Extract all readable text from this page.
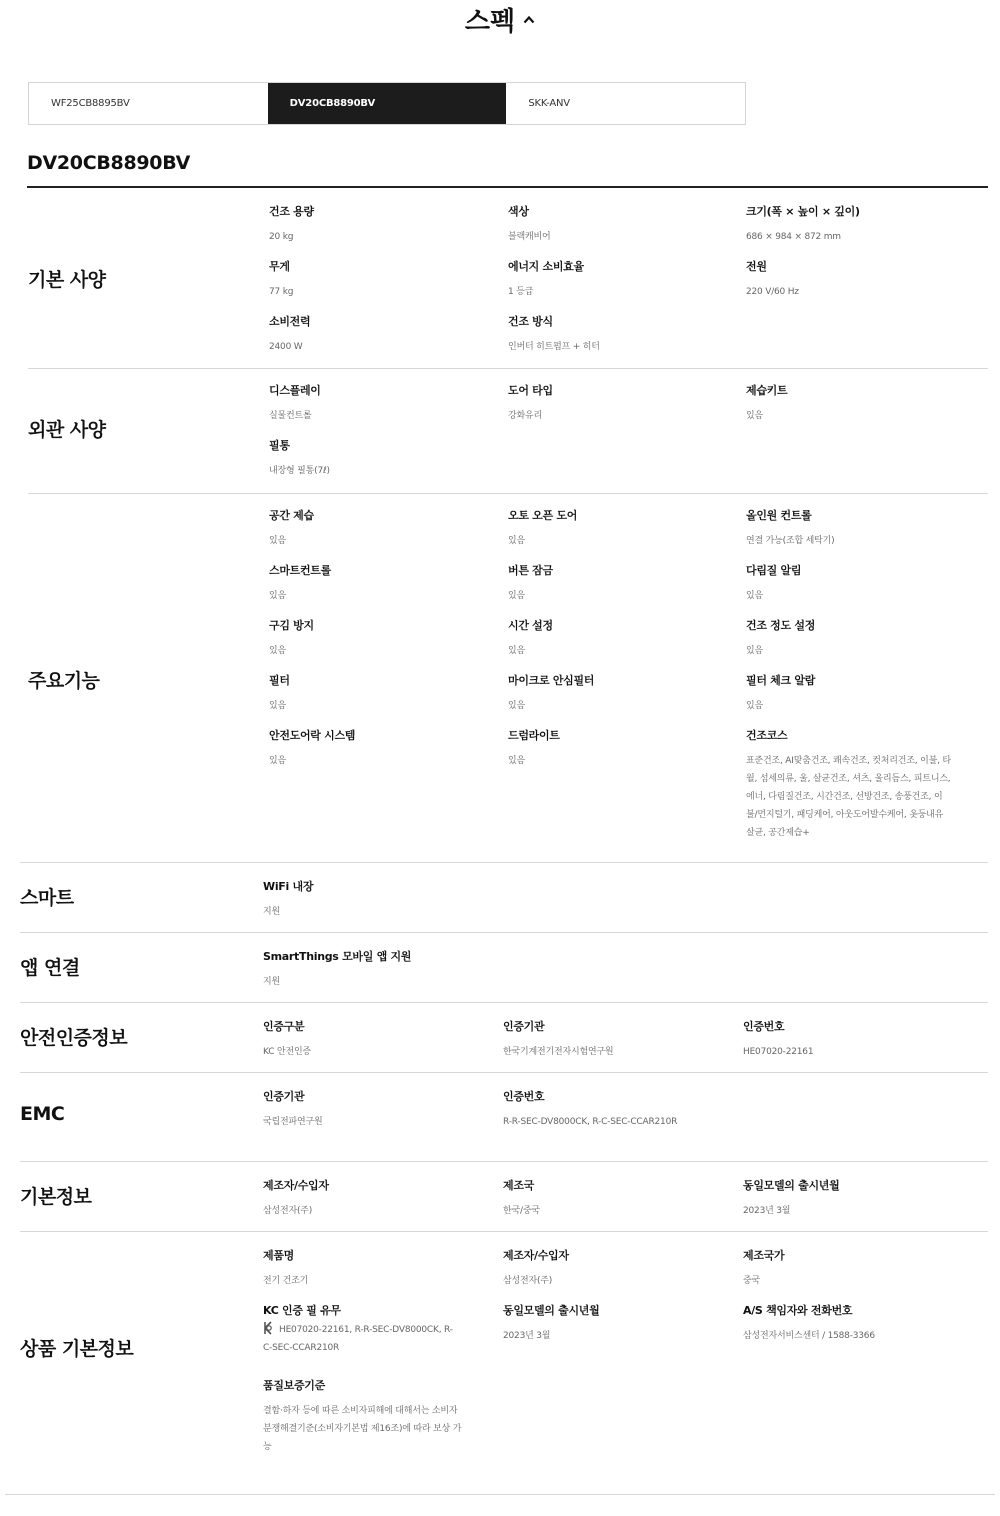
스펙
WF25CB8895BV	DV20CB8890BV	SKK-ANV
DV20CB8890BV
기본 사양
건조 용량
20 kg
색상
블랙캐비어
크기(폭 × 높이 × 깊이)
686 × 984 × 872 mm
무게
77 kg
에너지 소비효율
1 등급
전원
220 V/60 Hz
소비전력
2400 W
건조 방식
인버터 히트펌프 + 히터
외관 사양
디스플레이
실물컨트롤
도어 타입
강화유리
제습키트
있음
필통
내장형 필통(7ℓ)
주요기능
공간 제습
있음
오토 오픈 도어
있음
올인원 컨트롤
연결 가능(조합 세탁기)
스마트컨트롤
있음
버튼 잠금
있음
다림질 알림
있음
구김 방지
있음
시간 설정
있음
건조 정도 설정
있음
필터
있음
마이크로 안심필터
있음
필터 체크 알람
있음
안전도어락 시스템
있음
드럼라이트
있음
건조코스
표준건조, AI맞춤건조, 쾌속건조, 컷처리건조, 이불, 타월, 섬세의류, 울, 살균건조, 셔츠, 울리듬스, 피트니스, 에너, 다림질건조, 시간건조, 선방건조, 송풍건조, 이불/먼지털기, 패딩케어, 아웃도어발수케어, 옷둥내유살균, 공간제습+
스마트
WiFi 내장
지원
앱 연결
SmartThings 모바일 앱 지원
지원
안전인증정보
인증구분
KC 안전인증
인증기관
한국기계전기전자시험연구원
인증번호
HE07020-22161
EMC
인증기관
국립전파연구원
인증번호
R-R-SEC-DV8000CK, R-C-SEC-CCAR210R
기본정보
제조자/수입자
삼성전자(주)
제조국
한국/중국
동일모델의 출시년월
2023년 3월
상품 기본정보
제품명
전기 건조기
제조자/수입자
삼성전자(주)
제조국가
중국
KC 인증 필 유무
HE07020-22161, R-R-SEC-DV8000CK, R-C-SEC-CCAR210R
동일모델의 출시년월
2023년 3월
A/S 책임자와 전화번호
삼성전자서비스센터 / 1588-3366
품질보증기준
결함·하자 등에 따른 소비자피해에 대해서는 소비자분쟁해결기준(소비자기본법 제16조)에 따라 보상 가능
